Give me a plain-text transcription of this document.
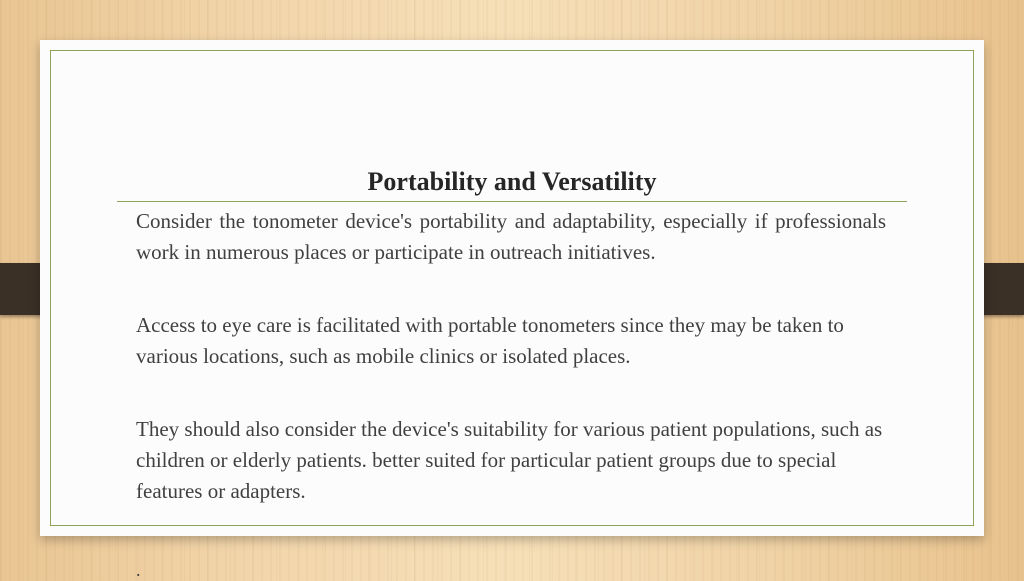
Portability and Versatility

Consider the tonometer device's portability and adaptability, especially if professionals work in numerous places or participate in outreach initiatives.

Access to eye care is facilitated with portable tonometers since they may be taken to various locations, such as mobile clinics or isolated places.

They should also consider the device's suitability for various patient populations, such as children or elderly patients. better suited for particular patient groups due to special features or adapters.

.
